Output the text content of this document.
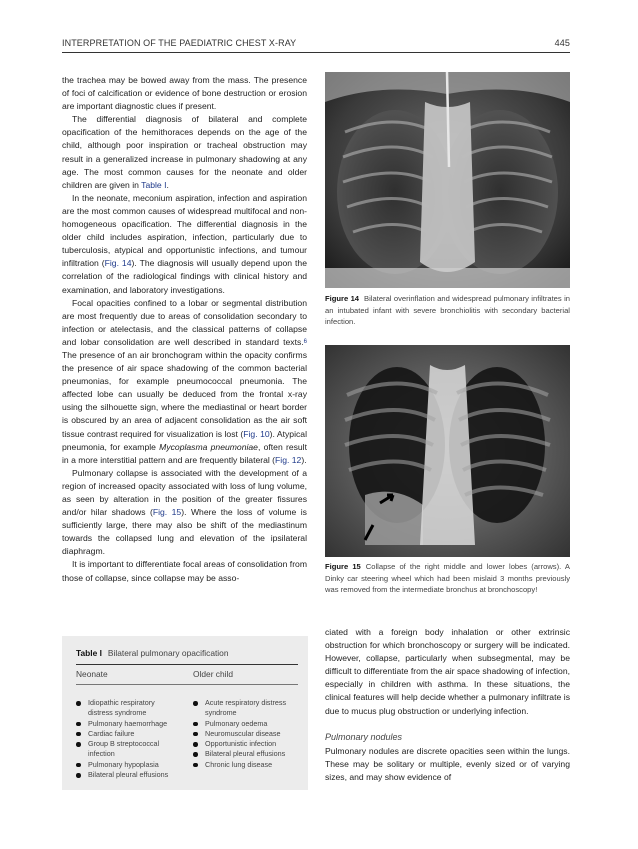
INTERPRETATION OF THE PAEDIATRIC CHEST X-RAY	445

the trachea may be bowed away from the mass. The presence of foci of calcification or evidence of bone destruction or erosion are important diagnostic clues if present.

The differential diagnosis of bilateral and complete opacification of the hemithoraces depends on the age of the child, although poor inspiration or tracheal obstruction may result in a generalized increase in pulmonary shadowing at any age. The most common causes for the neonate and older children are given in Table I.

In the neonate, meconium aspiration, infection and aspiration are the most common causes of widespread multifocal and non-homogeneous opacification. The differential diagnosis in the older child includes aspiration, infection, particularly due to tuberculosis, atypical and opportunistic infections, and tumour infiltration (Fig. 14). The diagnosis will usually depend upon the correlation of the radiological findings with clinical history and examination, and laboratory investigations.

Focal opacities confined to a lobar or segmental distribution are most frequently due to areas of consolidation secondary to infection or atelectasis, and the classical patterns of collapse and lobar consolidation are well described in standard texts.$^6$ The presence of an air bronchogram within the opacity confirms the presence of air space shadowing of the common bacterial pneumonias, for example pneumococcal pneumonia. The affected lobe can usually be deduced from the frontal x-ray using the silhouette sign, where the mediastinal or heart border is obscured by an area of adjacent consolidation as the air soft tissue contrast required for visualization is lost (Fig. 10). Atypical pneumonia, for example Mycoplasma pneumoniae, often result in a more interstitial pattern and are frequently bilateral (Fig. 12).

Pulmonary collapse is associated with the development of a region of increased opacity associated with loss of lung volume, as seen by alteration in the position of the greater fissures and/or hilar shadows (Fig. 15). Where the loss of volume is sufficiently large, there may also be shift of the mediastinum towards the collapsed lung and elevation of the ipsilateral diaphragm.

It is important to differentiate focal areas of consolidation from those of collapse, since collapse may be asso-

Figure 14 Bilateral overinflation and widespread pulmonary infiltrates in an intubated infant with severe bronchiolitis with secondary bacterial infection.
Figure 15 Collapse of the right middle and lower lobes (arrows). A Dinky car steering wheel which had been mislaid 3 months previously was removed from the intermediate bronchus at bronchoscopy!

ciated with a foreign body inhalation or other extrinsic obstruction for which bronchoscopy or surgery will be indicated. However, collapse, particularly when subsegmental, may be difficult to differentiate from the air space shadowing of infection, especially in children with asthma. In these situations, the clinical features will help decide whether a pulmonary infiltrate is due to mucus plug obstruction or underlying infection.

Pulmonary nodules

Pulmonary nodules are discrete opacities seen within the lungs. These may be solitary or multiple, evenly sized or of varying sizes, and may show evidence of

Table I Bilateral pulmonary opacification
Neonate	Older child
Idiopathic respiratory distress syndrome
Pulmonary haemorrhage
Cardiac failure
Group B streptococcal infection
Pulmonary hypoplasia
Bilateral pleural effusions
Acute respiratory distress syndrome
Pulmonary oedema
Neuromuscular disease
Opportunistic infection
Bilateral pleural effusions
Chronic lung disease
